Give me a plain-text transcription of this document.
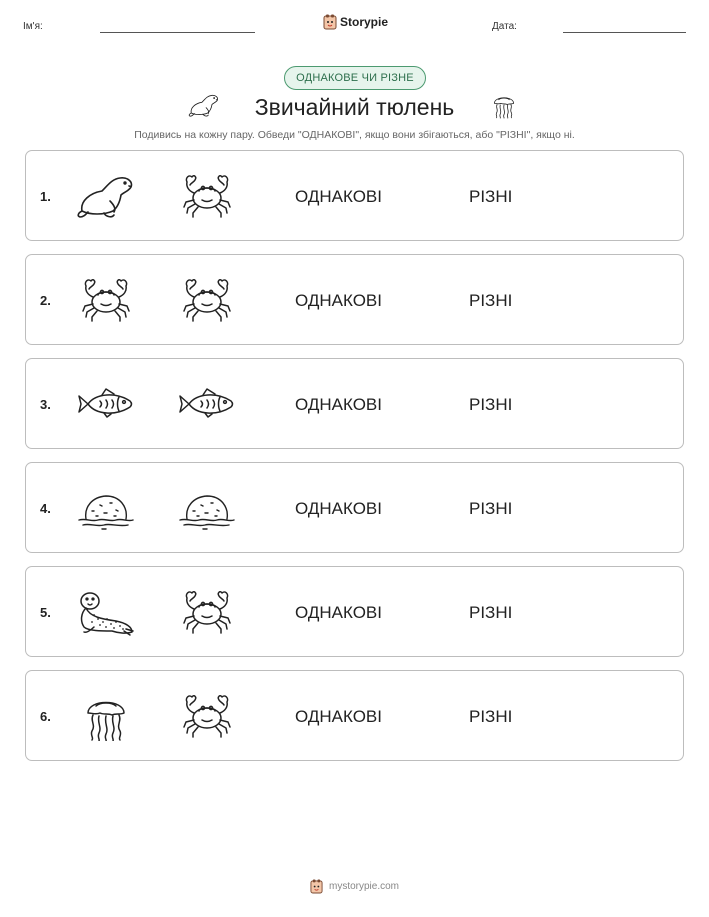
Ім'я:	Storypie	Дата:
ОДНАКОВЕ ЧИ РІЗНЕ
Звичайний тюлень
Подивись на кожну пару. Обведи "ОДНАКОВІ", якщо вони збігаються, або "РІЗНІ", якщо ні.
1.	ОДНАКОВІ	РІЗНІ
2.	ОДНАКОВІ	РІЗНІ
3.	ОДНАКОВІ	РІЗНІ
4.	ОДНАКОВІ	РІЗНІ
5.	ОДНАКОВІ	РІЗНІ
6.	ОДНАКОВІ	РІЗНІ
mystorypie.com
